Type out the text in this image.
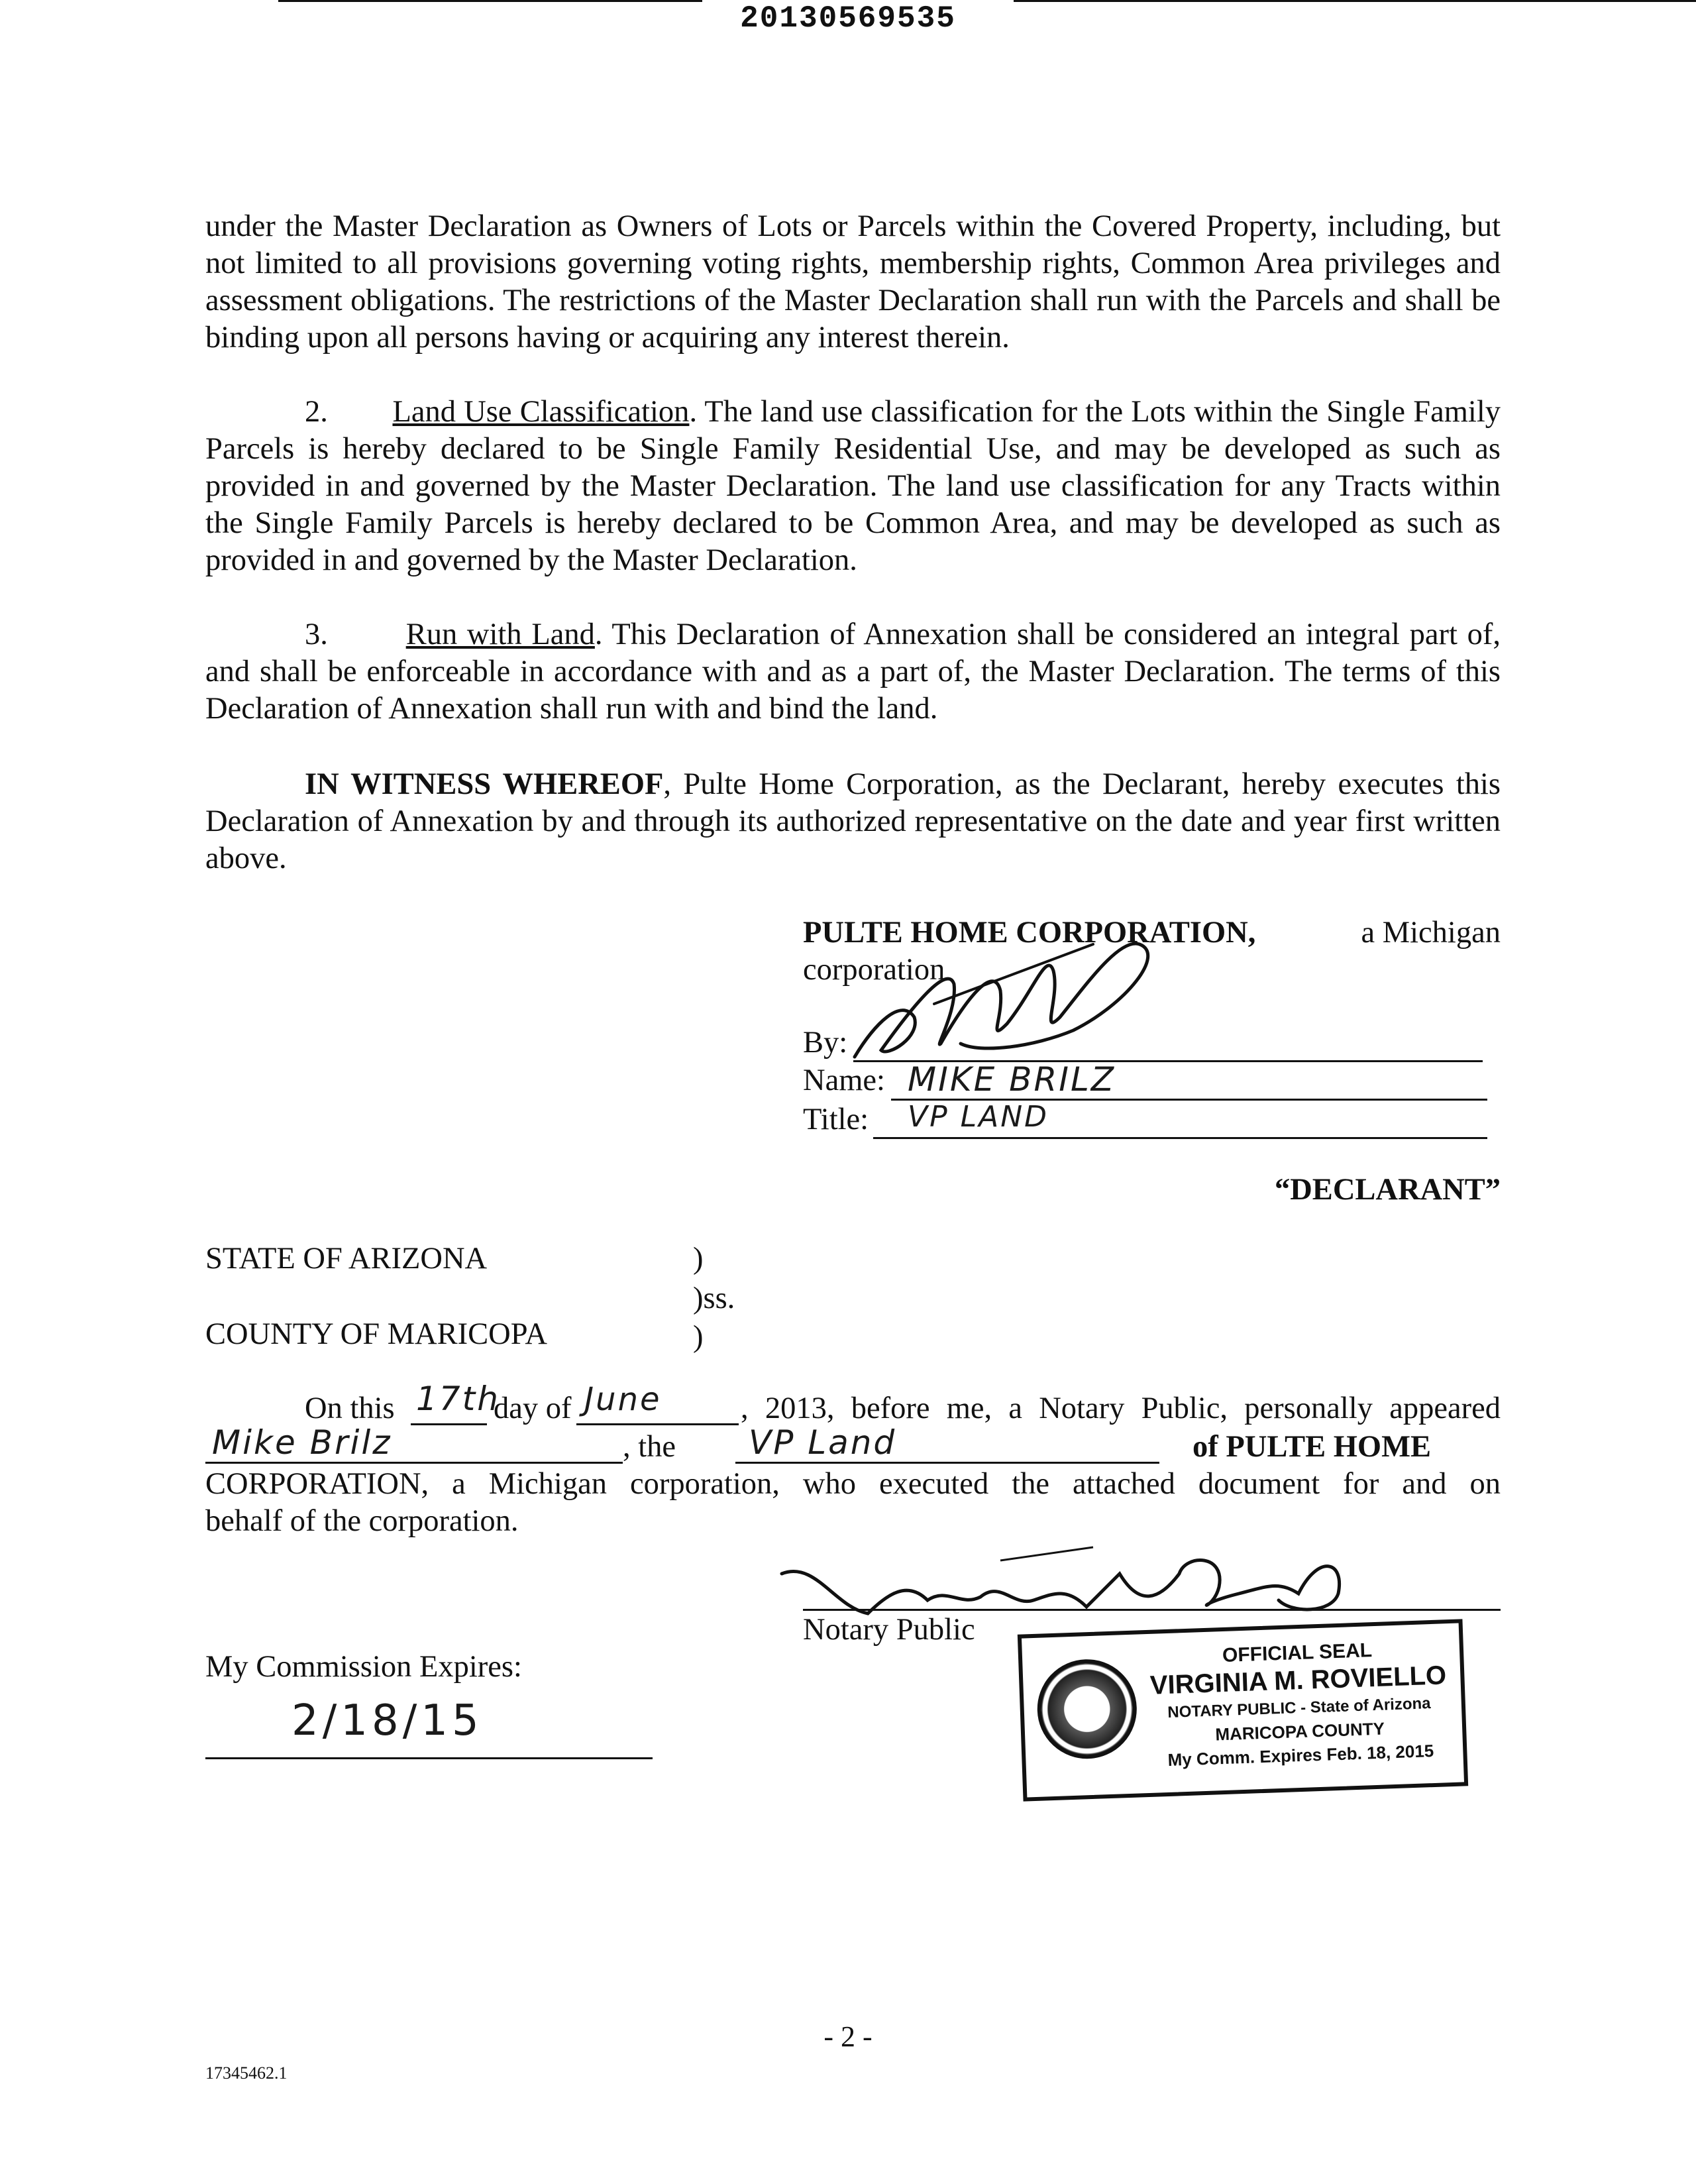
20130569535
under the Master Declaration as Owners of Lots or Parcels within the Covered Property, including, but not limited to all provisions governing voting rights, membership rights, Common Area privileges and assessment obligations. The restrictions of the Master Declaration shall run with the Parcels and shall be binding upon all persons having or acquiring any interest therein.
2. Land Use Classification. The land use classification for the Lots within the Single Family Parcels is hereby declared to be Single Family Residential Use, and may be developed as such as provided in and governed by the Master Declaration. The land use classification for any Tracts within the Single Family Parcels is hereby declared to be Common Area, and may be developed as such as provided in and governed by the Master Declaration.
3.	Run with Land. This Declaration of Annexation shall be considered an integral part of, and shall be enforceable in accordance with and as a part of, the Master Declaration. The terms of this Declaration of Annexation shall run with and bind the land.
IN WITNESS WHEREOF, Pulte Home Corporation, as the Declarant, hereby executes this Declaration of Annexation by and through its authorized representative on the date and year first written above.
PULTE HOME CORPORATION,	a Michigan
corporation
By:
Name: MIKE BRILZ
Title: VP LAND
“DECLARANT”
STATE OF ARIZONA	)
)ss.
COUNTY OF MARICOPA	)
On this 17th
day of June	, 2013, before me, a Notary Public, personally appeared
Mike Brilz	, the VP Land	of PULTE HOME
CORPORATION, a Michigan corporation, who executed the attached document for and on
behalf of the corporation.
Notary Public
My Commission Expires:
2/18/15
OFFICIAL SEAL
VIRGINIA M. ROVIELLO
NOTARY PUBLIC - State of Arizona
MARICOPA COUNTY
My Comm. Expires Feb. 18, 2015
- 2 -
17345462.1
